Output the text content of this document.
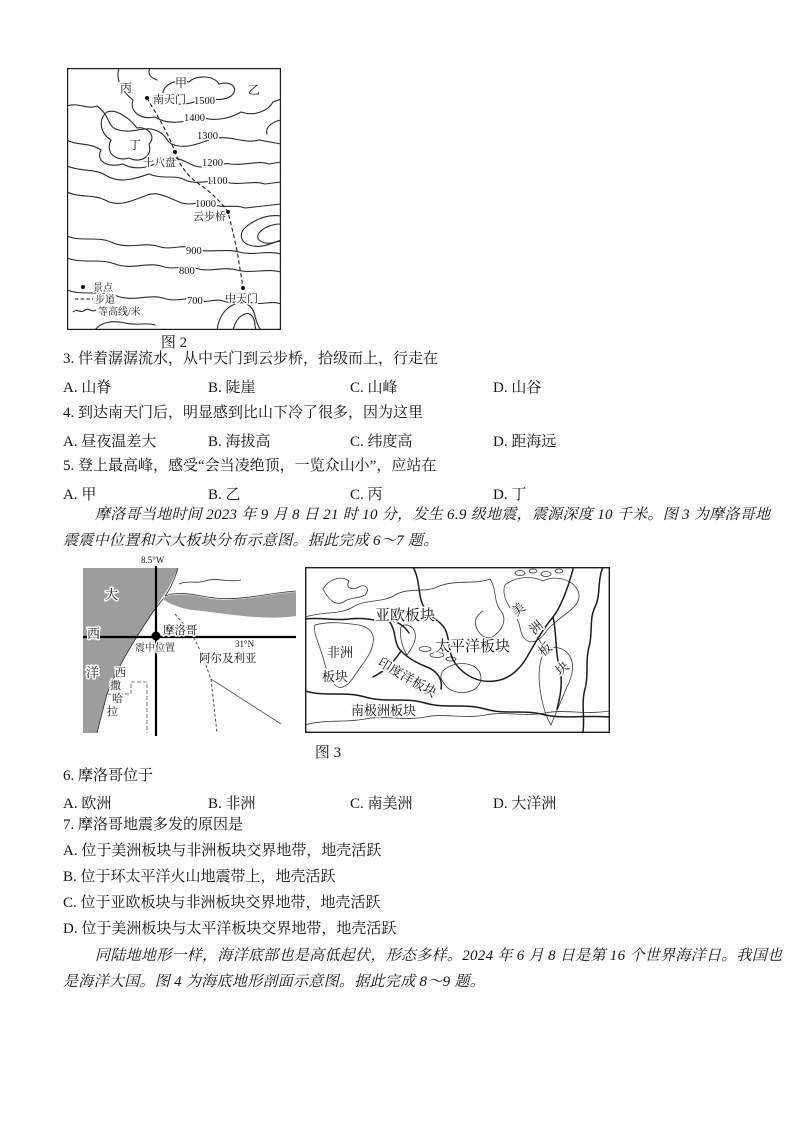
甲	乙
丙
丁
南天门
十八盘
云步桥
中天门
1500
1400
1300
1200
1100
1000
900
800
700
景点
步道
等高线/米
图 2
3. 伴着潺潺流水，从中天门到云步桥，拾级而上，行走在
A. 山脊	B. 陡崖	C. 山峰	D. 山谷
4. 到达南天门后，明显感到比山下冷了很多，因为这里
A. 昼夜温差大	B. 海拔高	C. 纬度高	D. 距海远
5. 登上最高峰，感受“会当凌绝顶，一览众山小”，应站在
A. 甲	B. 乙	C. 丙	D. 丁
摩洛哥当地时间 2023 年 9 月 8 日 21 时 10 分，发生 6.9 级地震，震源深度 10 千米。图 3 为摩洛哥地
震震中位置和六大板块分布示意图。据此完成 6～7 题。
8.5°W
31°N
大
西
洋
摩洛哥
震中位置
阿尔及利亚
西
撒
哈
拉
亚欧板块
太平洋板块
非洲
板块 印度洋板块
南极洲板块
美
洲
板
块
图 3
6. 摩洛哥位于
A. 欧洲	B. 非洲	C. 南美洲	D. 大洋洲
7. 摩洛哥地震多发的原因是
A. 位于美洲板块与非洲板块交界地带，地壳活跃
B. 位于环太平洋火山地震带上，地壳活跃
C. 位于亚欧板块与非洲板块交界地带，地壳活跃
D. 位于美洲板块与太平洋板块交界地带，地壳活跃
同陆地地形一样，海洋底部也是高低起伏，形态多样。2024 年 6 月 8 日是第 16 个世界海洋日。我国也
是海洋大国。图 4 为海底地形剖面示意图。据此完成 8～9 题。
